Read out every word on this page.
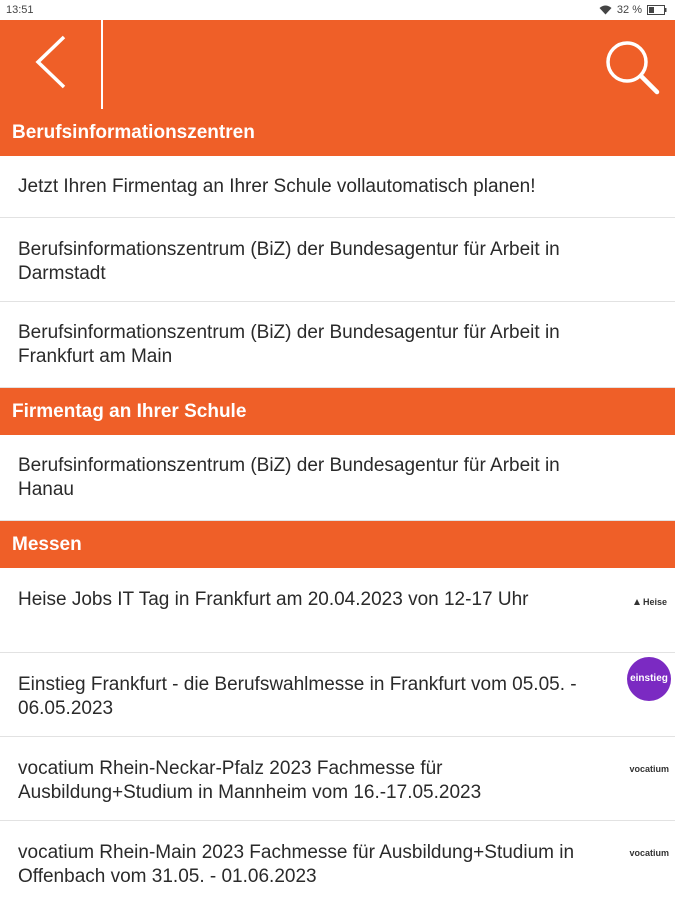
13:51	32 %
Berufsinformationszentren
Jetzt Ihren Firmentag an Ihrer Schule vollautomatisch planen!
Berufsinformationszentrum (BiZ) der Bundesagentur für Arbeit in Darmstadt
Berufsinformationszentrum (BiZ) der Bundesagentur für Arbeit in Frankfurt am Main
Firmentag an Ihrer Schule
Berufsinformationszentrum (BiZ) der Bundesagentur für Arbeit in Hanau
Messen
Heise Jobs IT Tag in Frankfurt am 20.04.2023 von 12-17 Uhr	Heise
Einstieg Frankfurt - die Berufswahlmesse in Frankfurt vom 05.05. - 06.05.2023
einstieg
vocatium Rhein-Neckar-Pfalz 2023 Fachmesse für Ausbildung+Studium in Mannheim vom 16.-17.05.2023
vocatium
vocatium Rhein-Main 2023 Fachmesse für Ausbildung+Studium in Offenbach vom 31.05. - 01.06.2023
vocatium
